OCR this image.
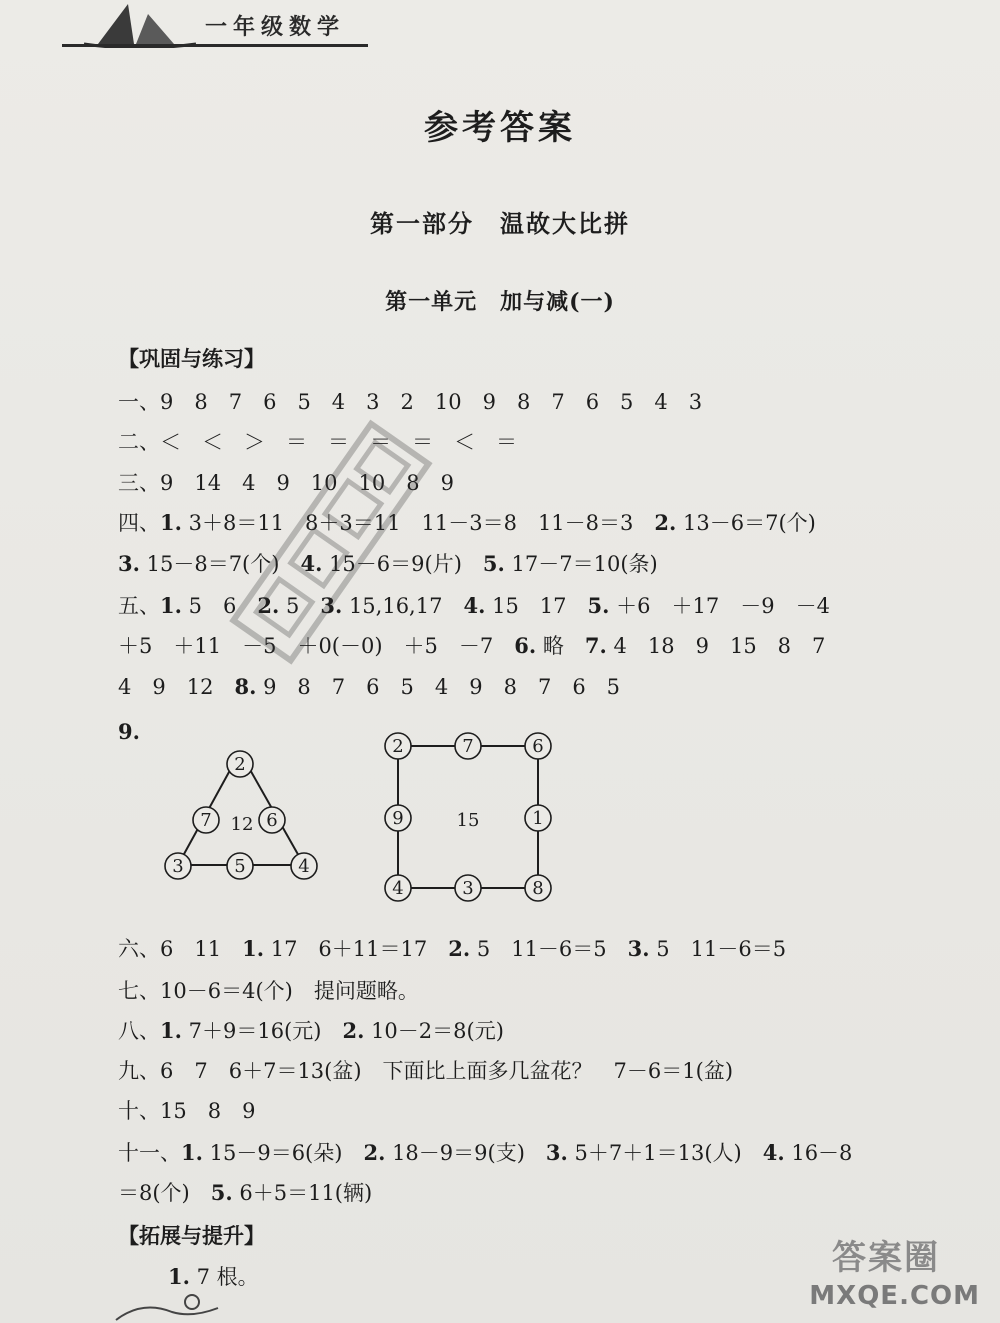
一年级数学
参考答案
第一部分　温故大比拼
第一单元　加与减(一)
【巩固与练习】
一、9　8　7　6　5　4　3　2　10　9　8　7　6　5　4　3
二、＜　＜　＞　＝　＝　＝　＝　＜　＝
三、9　14　4　9　10　10　8　9
四、1. 3＋8＝11　8＋3＝11　11－3＝8　11－8＝3　2. 13－6＝7(个)
3. 15－8＝7(个)　4. 15－6＝9(片)　5. 17－7＝10(条)
五、1. 5　6　2. 5　3. 15,16,17　4. 15　17　5. ＋6　＋17　－9　－4
＋5　＋11　－5　＋0(－0)　＋5　－7　6. 略　7. 4　18　9　15　8　7
4　9　12　8. 9　8　7　6　5　4　9　8　7　6　5
9.
2
7	6
3	5	4
12
2	7	6
9	1
4	3	8
15
六、6　11　1. 17　6＋11＝17　2. 5　11－6＝5　3. 5　11－6＝5
七、10－6＝4(个)　提问题略。
八、1. 7＋9＝16(元)　2. 10－2＝8(元)
九、6　7　6＋7＝13(盆)　下面比上面多几盆花？　7－6＝1(盆)
十、15　8　9
十一、1. 15－9＝6(朵)　2. 18－9＝9(支)　3. 5＋7＋1＝13(人)　4. 16－8
＝8(个)　5. 6＋5＝11(辆)
【拓展与提升】
1. 7 根。	答案圈
MXQE.COM
